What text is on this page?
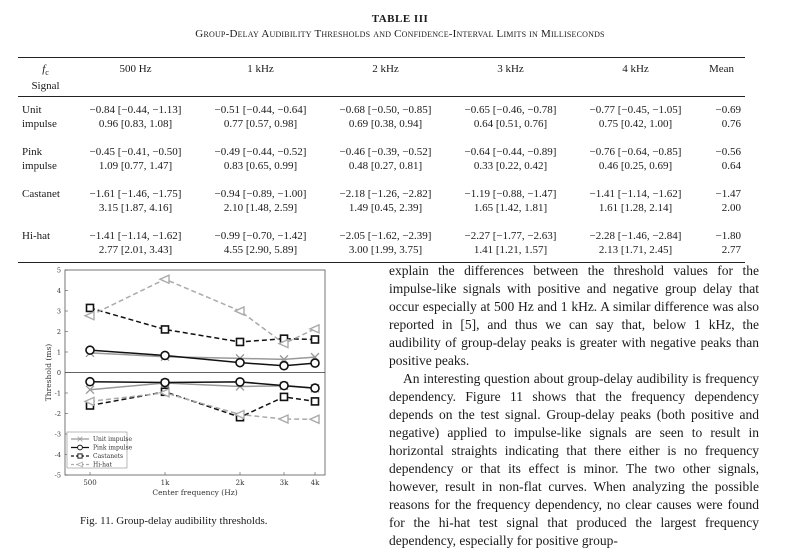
TABLE III
Group-Delay Audibility Thresholds and Confidence-Interval Limits in Milliseconds
$f_c$	500 Hz	1 kHz	2 kHz	3 kHz	4 kHz	Mean
Signal						
Unit	−0.84 [−0.44, −1.13]	−0.51 [−0.44, −0.64]	−0.68 [−0.50, −0.85]	−0.65 [−0.46, −0.78]	−0.77 [−0.45, −1.05]	−0.69
impulse	0.96 [0.83, 1.08]	0.77 [0.57, 0.98]	0.69 [0.38, 0.94]	0.64 [0.51, 0.76]	0.75 [0.42, 1.00]	0.76

Pink	−0.45 [−0.41, −0.50]	−0.49 [−0.44, −0.52]	−0.46 [−0.39, −0.52]	−0.64 [−0.44, −0.89]	−0.76 [−0.64, −0.85]	−0.56
impulse	1.09 [0.77, 1.47]	0.83 [0.65, 0.99]	0.48 [0.27, 0.81]	0.33 [0.22, 0.42]	0.46 [0.25, 0.69]	0.64

Castanet	−1.61 [−1.46, −1.75]	−0.94 [−0.89, −1.00]	−2.18 [−1.26, −2.82]	−1.19 [−0.88, −1.47]	−1.41 [−1.14, −1.62]	−1.47
	3.15 [1.87, 4.16]	2.10 [1.48, 2.59]	1.49 [0.45, 2.39]	1.65 [1.42, 1.81]	1.61 [1.28, 2.14]	2.00

Hi-hat	−1.41 [−1.14, −1.62]	−0.99 [−0.70, −1.42]	−2.05 [−1.62, −2.39]	−2.27 [−1.77, −2.63]	−2.28 [−1.46, −2.84]	−1.80
	2.77 [2.01, 3.43]	4.55 [2.90, 5.89]	3.00 [1.99, 3.75]	1.41 [1.21, 1.57]	2.13 [1.71, 2.45]	2.77
-5
-4
-3
-2
-1
0
1
2
3
4
5
500	1k	2k	3k	4k
Center frequency (Hz)
Threshold (ms)
Unit impulse
Pink impulse
Castanets
Hi-hat
Fig. 11. Group-delay audibility thresholds.

explain the differences between the threshold values for the impulse-like signals with positive and negative group delay that occur especially at 500 Hz and 1 kHz. A similar difference was also reported in [5], and thus we can say that, below 1 kHz, the audibility of group-delay peaks is greater with negative peaks than positive peaks.

An interesting question about group-delay audibility is frequency dependency. Figure 11 shows that the frequency dependency depends on the test signal. Group-delay peaks (both positive and negative) applied to impulse-like signals are seen to result in horizontal straights indicating that there either is no frequency dependency or that its effect is minor. The two other signals, however, result in non-flat curves. When analyzing the possible reasons for the frequency dependency, no clear causes were found for the hi-hat test signal that produced the largest frequency dependency, especially for positive group-
